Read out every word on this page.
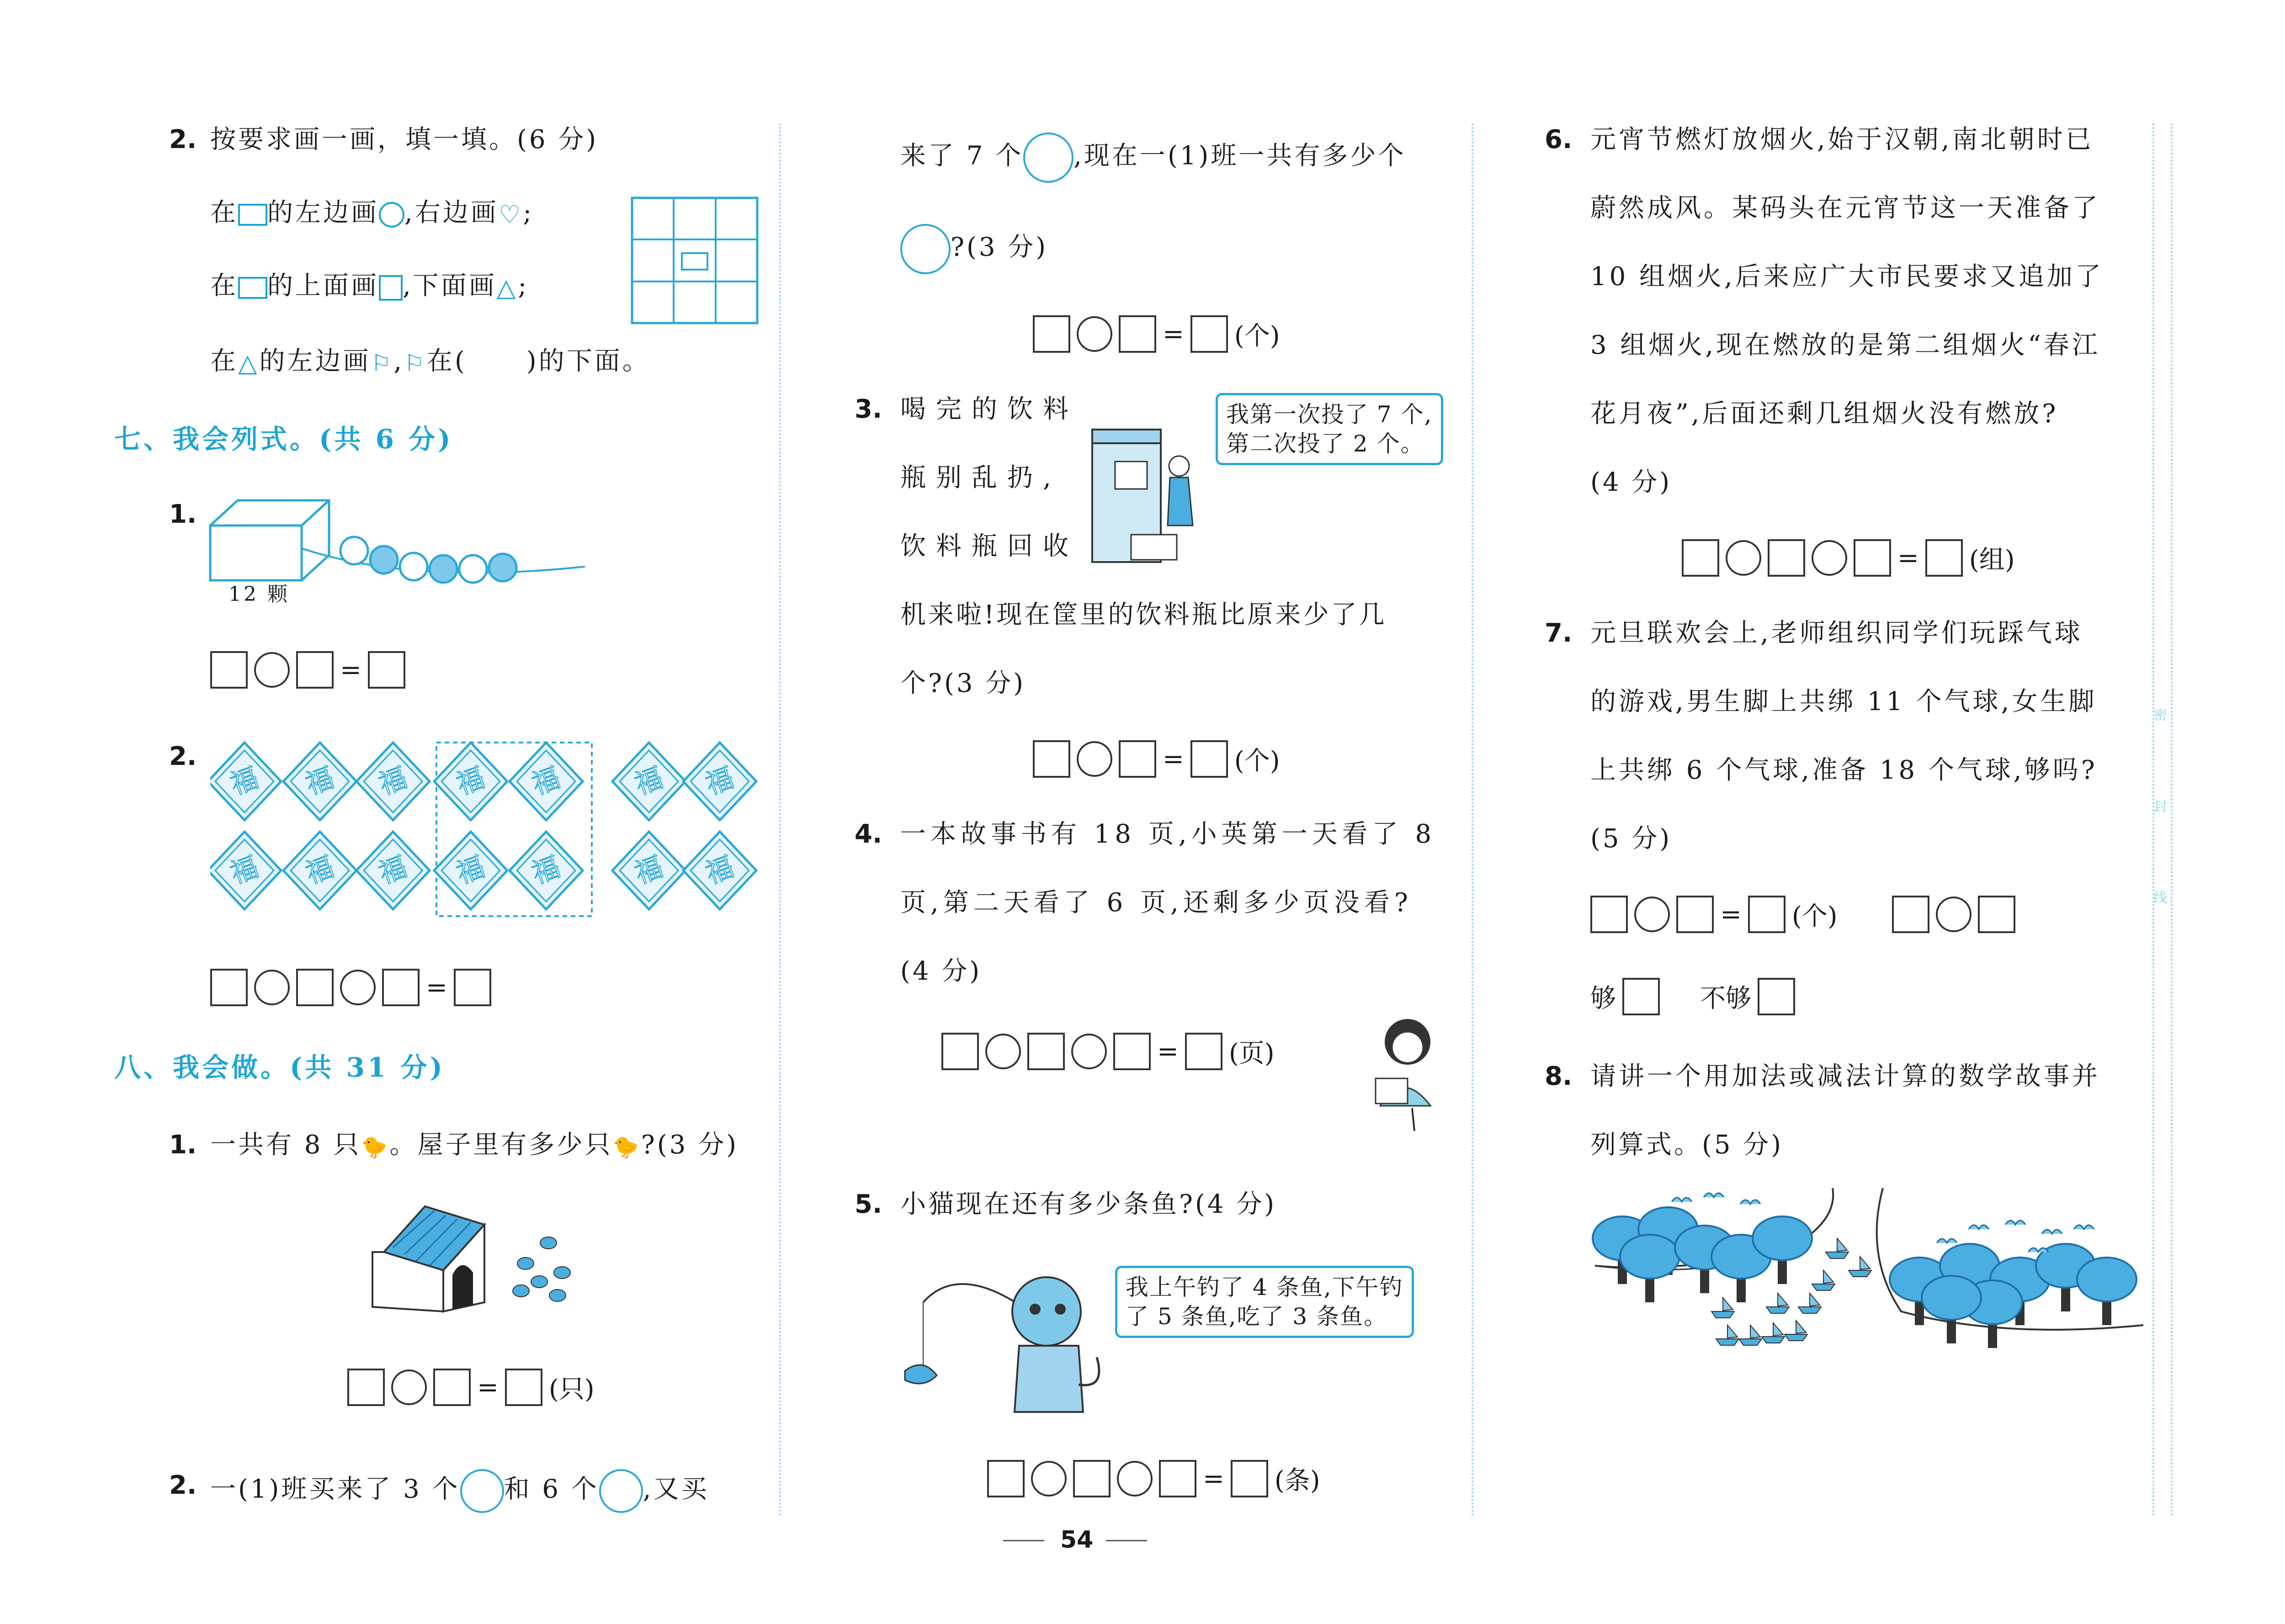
2. 按要求画一画，填一填。(6 分)
在 的左边画 ,右边画♡;
在 的上面画 ,下面画△;
在△的左边画⚐,⚐在( )的下面。
七、我会列式。(共 6 分)
1.
12 颗
=
2.
福 福 福 福 福 福 福
福 福 福 福 福 福 福
=
八、我会做。(共 31 分)
1. 一共有 8 只🐤。屋子里有多少只🐤?(3 分)
= (只)
2. 一(1)班买来了 3 个 和 6 个 ,又买
来了 7 个 ,现在一(1)班一共有多少个
?(3 分)
= (个)
3. 喝完的饮料
瓶别乱扔,
饮料瓶回收
机来啦!现在筐里的饮料瓶比原来少了几
个?(3 分)
我第一次投了 7 个,
第二次投了 2 个。
= (个)
4. 一本故事书有 18 页,小英第一天看了 8
页,第二天看了 6 页,还剩多少页没看?
(4 分)
= (页)
5. 小猫现在还有多少条鱼?(4 分)
我上午钓了 4 条鱼,下午钓
了 5 条鱼,吃了 3 条鱼。
= (条)
6. 元宵节燃灯放烟火,始于汉朝,南北朝时已
蔚然成风。某码头在元宵节这一天准备了
10 组烟火,后来应广大市民要求又追加了
3 组烟火,现在燃放的是第二组烟火“春江
花月夜”,后面还剩几组烟火没有燃放?
(4 分)
= (组)
7. 元旦联欢会上,老师组织同学们玩踩气球
的游戏,男生脚上共绑 11 个气球,女生脚
上共绑 6 个气球,准备 18 个气球,够吗?
(5 分)
= (个)
够	不够
8. 请讲一个用加法或减法计算的数学故事并
列算式。(5 分)
密
封
线
54
